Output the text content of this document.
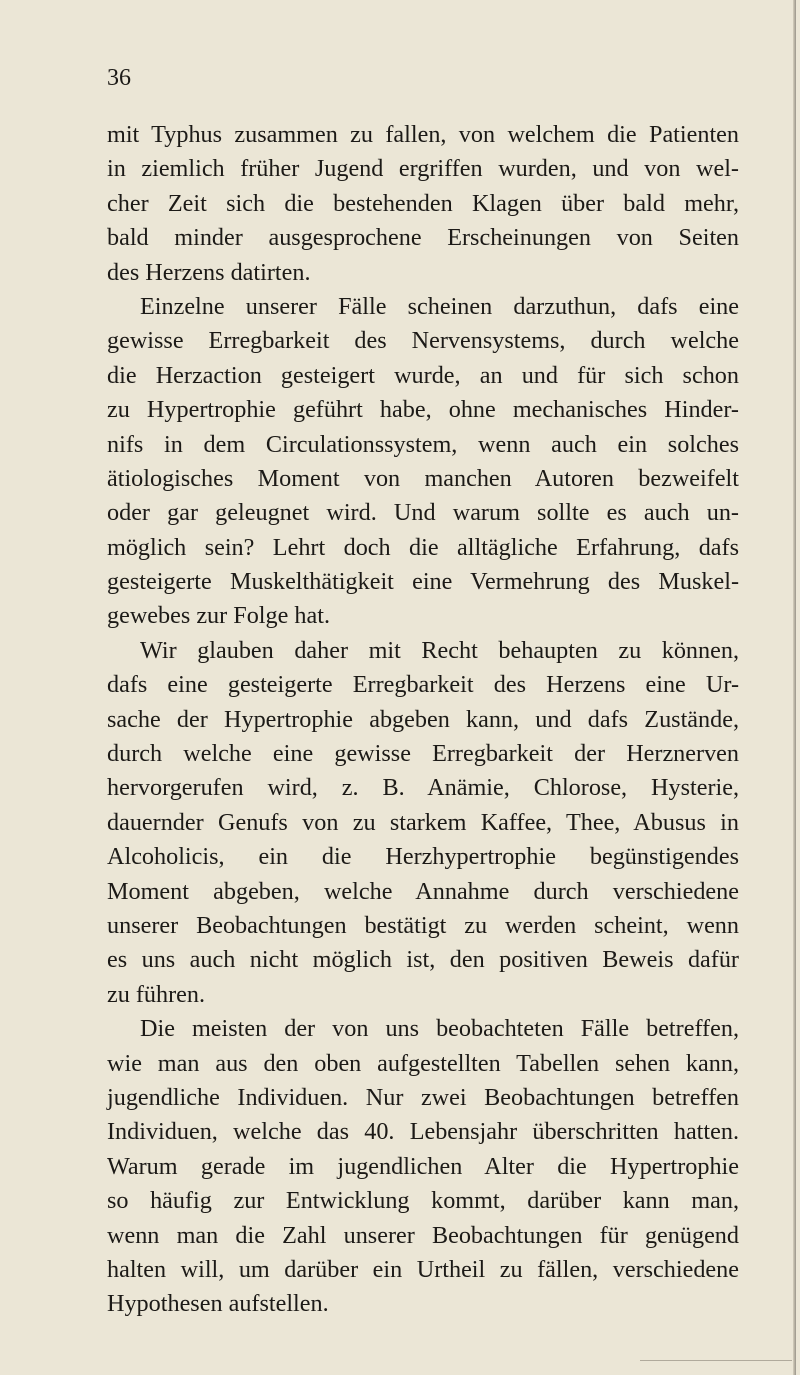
36
mit Typhus zusammen zu fallen, von welchem die Patienten
in ziemlich früher Jugend ergriffen wurden, und von wel-
cher Zeit sich die bestehenden Klagen über bald mehr,
bald minder ausgesprochene Erscheinungen von Seiten
des Herzens datirten.
Einzelne unserer Fälle scheinen darzuthun, dafs eine
gewisse Erregbarkeit des Nervensystems, durch welche
die Herzaction gesteigert wurde, an und für sich schon
zu Hypertrophie geführt habe, ohne mechanisches Hinder-
nifs in dem Circulationssystem, wenn auch ein solches
ätiologisches Moment von manchen Autoren bezweifelt
oder gar geleugnet wird. Und warum sollte es auch un-
möglich sein? Lehrt doch die alltägliche Erfahrung, dafs
gesteigerte Muskelthätigkeit eine Vermehrung des Muskel-
gewebes zur Folge hat.
Wir glauben daher mit Recht behaupten zu können,
dafs eine gesteigerte Erregbarkeit des Herzens eine Ur-
sache der Hypertrophie abgeben kann, und dafs Zustände,
durch welche eine gewisse Erregbarkeit der Herznerven
hervorgerufen wird, z. B. Anämie, Chlorose, Hysterie,
dauernder Genufs von zu starkem Kaffee, Thee, Abusus in
Alcoholicis, ein die Herzhypertrophie begünstigendes
Moment abgeben, welche Annahme durch verschiedene
unserer Beobachtungen bestätigt zu werden scheint, wenn
es uns auch nicht möglich ist, den positiven Beweis dafür
zu führen.
Die meisten der von uns beobachteten Fälle betreffen,
wie man aus den oben aufgestellten Tabellen sehen kann,
jugendliche Individuen. Nur zwei Beobachtungen betreffen
Individuen, welche das 40. Lebensjahr überschritten hatten.
Warum gerade im jugendlichen Alter die Hypertrophie
so häufig zur Entwicklung kommt, darüber kann man,
wenn man die Zahl unserer Beobachtungen für genügend
halten will, um darüber ein Urtheil zu fällen, verschiedene
Hypothesen aufstellen.
